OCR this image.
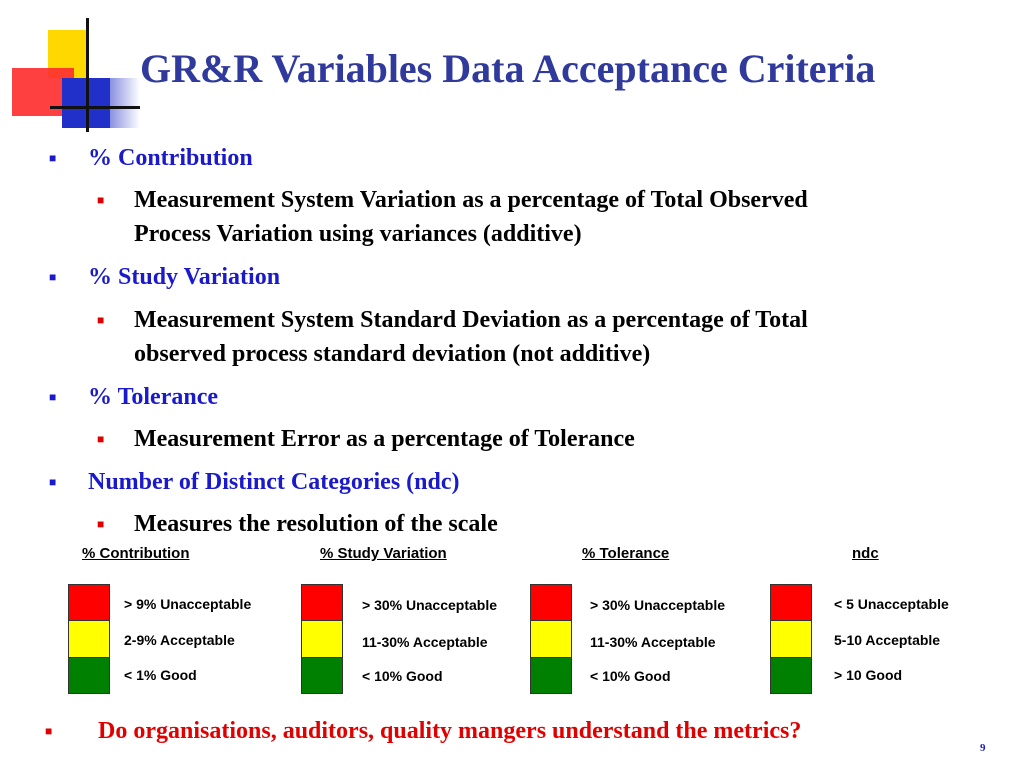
GR&R Variables Data Acceptance Criteria
■ % Contribution
■ Measurement System Variation as a percentage of Total Observed
Process Variation using variances (additive)
■ % Study Variation
■ Measurement System Standard Deviation as a percentage of Total
observed process standard deviation (not additive)
■ % Tolerance
■ Measurement Error as a percentage of Tolerance
■ Number of Distinct Categories (ndc)
■ Measures the resolution of the scale
% Contribution
> 9% Unacceptable
2-9% Acceptable
< 1% Good
% Study Variation
> 30% Unacceptable
11-30% Acceptable
< 10% Good
% Tolerance
> 30% Unacceptable
11-30% Acceptable
< 10% Good
ndc
< 5 Unacceptable
5-10 Acceptable
> 10 Good
■ Do organisations, auditors, quality mangers understand the metrics?
9
